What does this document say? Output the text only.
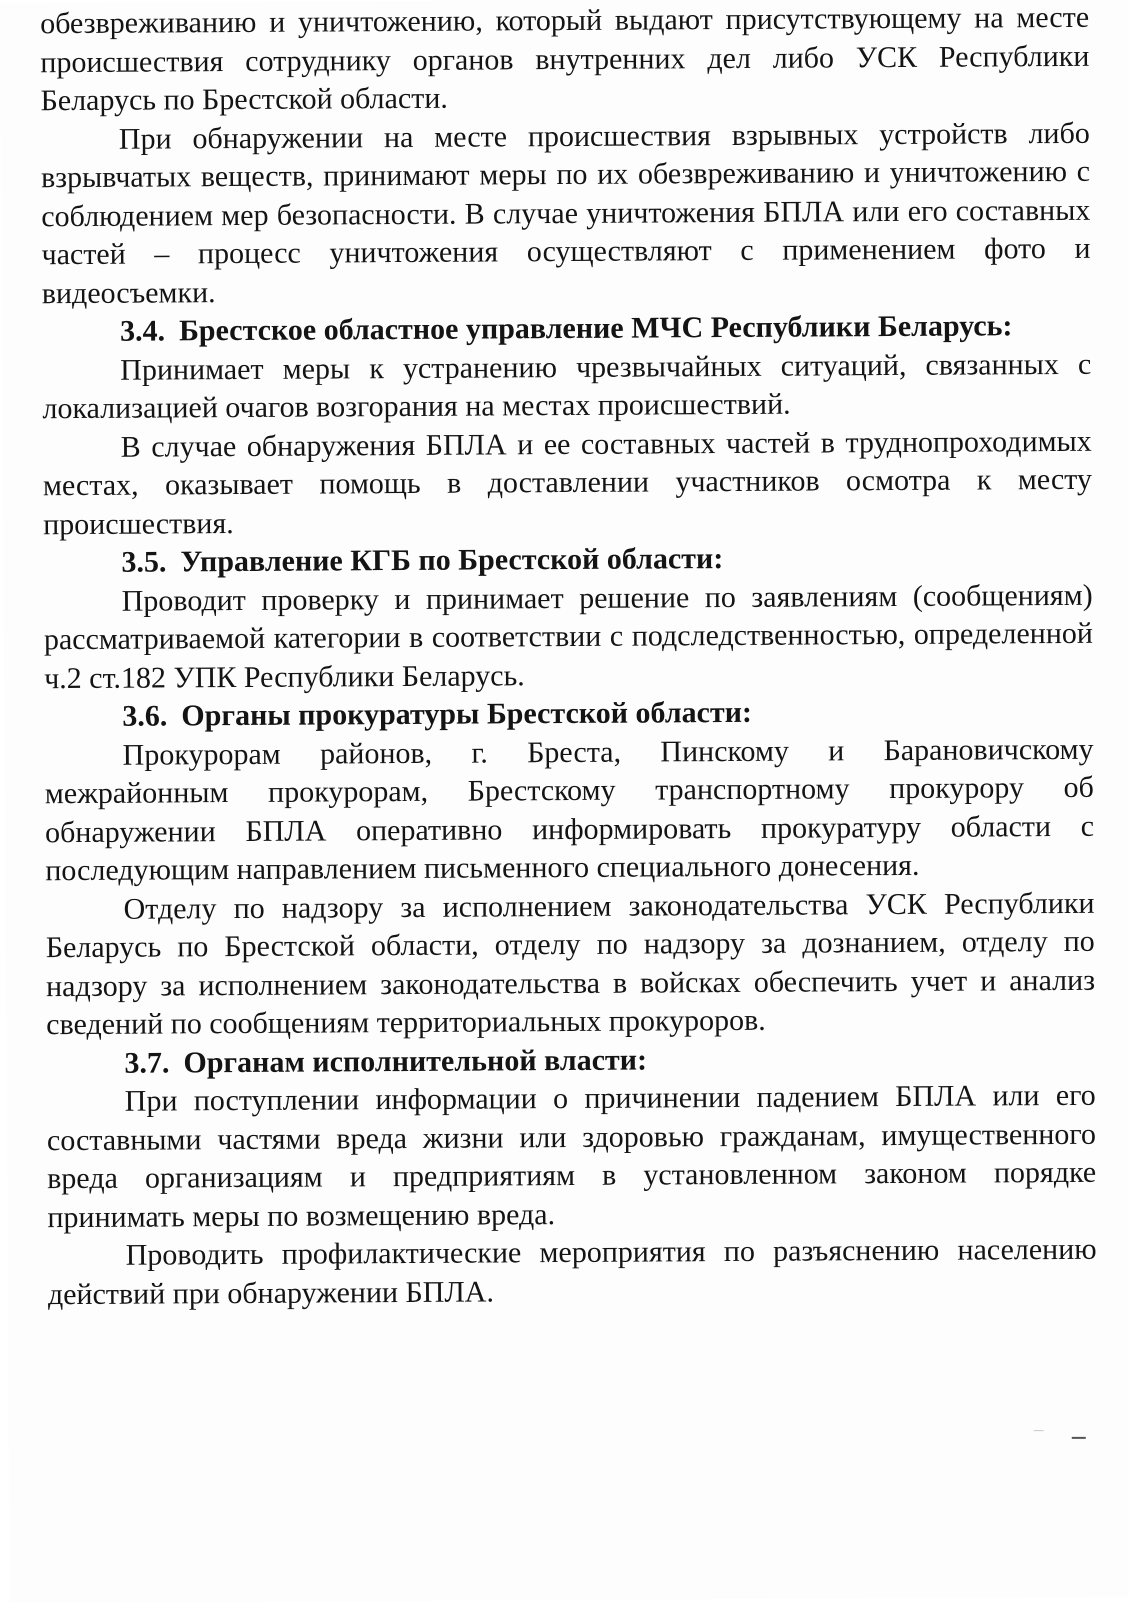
обезвреживанию и уничтожению, который выдают присутствующему на месте происшествия сотруднику органов внутренних дел либо УСК Республики Беларусь по Брестской области.

При обнаружении на месте происшествия взрывных устройств либо взрывчатых веществ, принимают меры по их обезвреживанию и уничтожению с соблюдением мер безопасности. В случае уничтожения БПЛА или его составных частей – процесс уничтожения осуществляют с применением фото и видеосъемки.

3.4. Брестское областное управление МЧС Республики Беларусь:

Принимает меры к устранению чрезвычайных ситуаций, связанных с локализацией очагов возгорания на местах происшествий.

В случае обнаружения БПЛА и ее составных частей в труднопроходимых местах, оказывает помощь в доставлении участников осмотра к месту происшествия.

3.5. Управление КГБ по Брестской области:

Проводит проверку и принимает решение по заявлениям (сообщениям) рассматриваемой категории в соответствии с подследственностью, определенной ч.2 ст.182 УПК Республики Беларусь.

3.6. Органы прокуратуры Брестской области:

Прокурорам районов, г. Бреста, Пинскому и Барановичскому межрайонным прокурорам, Брестскому транспортному прокурору об обнаружении БПЛА оперативно информировать прокуратуру области с последующим направлением письменного специального донесения.

Отделу по надзору за исполнением законодательства УСК Республики Беларусь по Брестской области, отделу по надзору за дознанием, отделу по надзору за исполнением законодательства в войсках обеспечить учет и анализ сведений по сообщениям территориальных прокуроров.

3.7. Органам исполнительной власти:

При поступлении информации о причинении падением БПЛА или его составными частями вреда жизни или здоровью гражданам, имущественного вреда организациям и предприятиям в установленном законом порядке принимать меры по возмещению вреда.

Проводить профилактические мероприятия по разъяснению населению действий при обнаружении БПЛА.
